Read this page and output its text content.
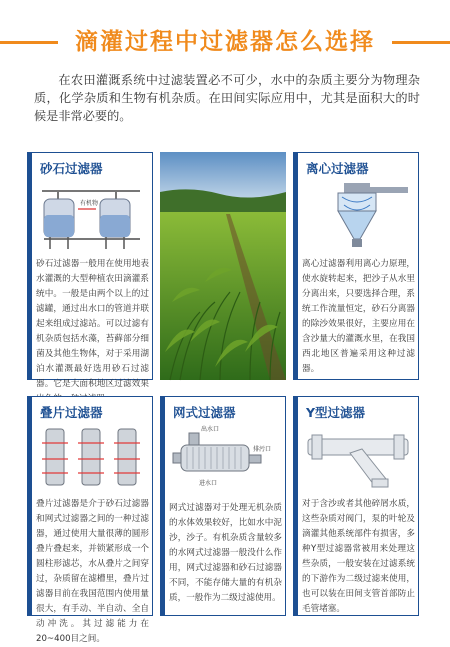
滴灌过程中过滤器怎么选择

在农田灌溉系统中过滤装置必不可少，水中的杂质主要分为物理杂质，化学杂质和生物有机杂质。在田间实际应用中，尤其是面积大的时候是非常必要的。

砂石过滤器
有机物

砂石过滤器一般用在使用地表水灌溉的大型种植农田滴灌系统中。一般是由两个以上的过滤罐，通过出水口的管道并联起来组成过滤站。可以过滤有机杂质包括水藻，苔藓部分细菌及其他生物体，对于采用湖泊水灌溉最好选用砂石过滤器。它是大面积地区过滤效果

离心过滤器

离心过滤器利用离心力原理，使水旋转起来，把沙子从水里分离出来，只要选择合理，系统工作流量恒定，砂石分离器的除沙效果很好，主要应用在含沙量大的灌溉水里，在我国西北地区普遍采用这种过滤器。

叠片过滤器

叠片过滤器是介于砂石过滤器和网式过滤器之间的一种过滤器，通过使用大量很薄的圆形叠片叠起来，并锁紧形成一个圆柱形滤芯，水从叠片之间穿过，杂质留在滤槽里，叠片过滤器目前在我国范围内使用量很大，有手动、半自动、全自动冲洗。其过滤能力在20~400目之间。

网式过滤器
出水口
进水口
排污口

网式过滤器对于处理无机杂质的水体效果较好，比如水中泥沙，沙子。有机杂质含量较多的水网式过滤器一般没什么作用，网式过滤器和砂石过滤器不同，不能存储大量的有机杂质，一般作为二级过滤使用。

Y型过滤器

对于含沙或者其他碎屑水质，这些杂质对阀门，泵的叶轮及滴灌其他系统部件有损害，多种Y型过滤器常被用来处理这些杂质，一般安装在过滤系统的下游作为二级过滤来使用，也可以装在田间支管首部防止毛管堵塞。
